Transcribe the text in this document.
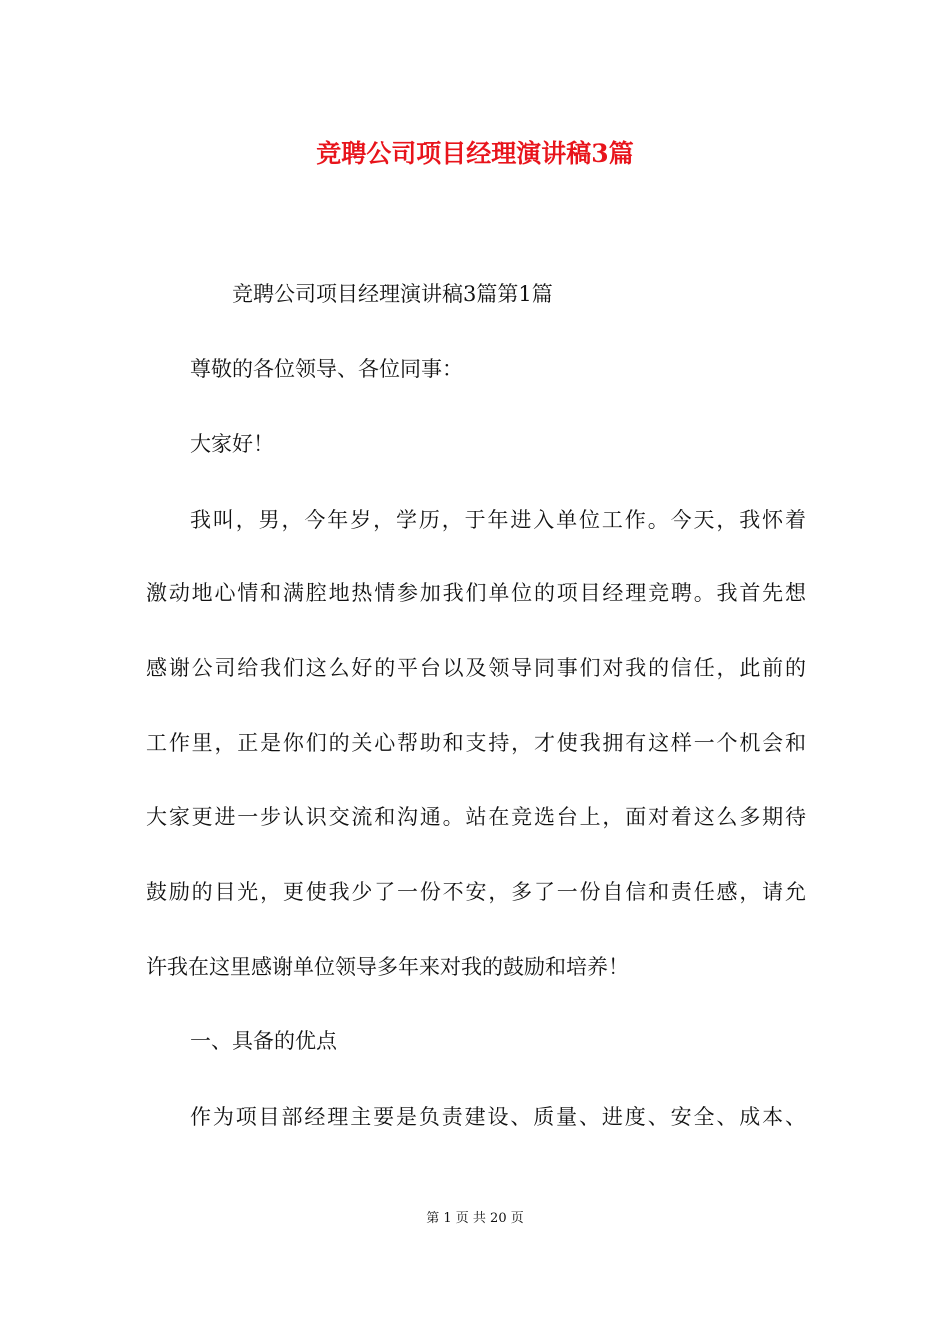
竞聘公司项目经理演讲稿3篇
竞聘公司项目经理演讲稿3篇第1篇
尊敬的各位领导、各位同事：
大家好！
我叫，男，今年岁，学历，于年进入单位工作。今天，我怀着
激动地心情和满腔地热情参加我们单位的项目经理竞聘。我首先想
感谢公司给我们这么好的平台以及领导同事们对我的信任，此前的
工作里，正是你们的关心帮助和支持，才使我拥有这样一个机会和
大家更进一步认识交流和沟通。站在竞选台上，面对着这么多期待
鼓励的目光，更使我少了一份不安，多了一份自信和责任感，请允
许我在这里感谢单位领导多年来对我的鼓励和培养！
一、具备的优点
作为项目部经理主要是负责建设、质量、进度、安全、成本、
第 1 页 共 20 页
